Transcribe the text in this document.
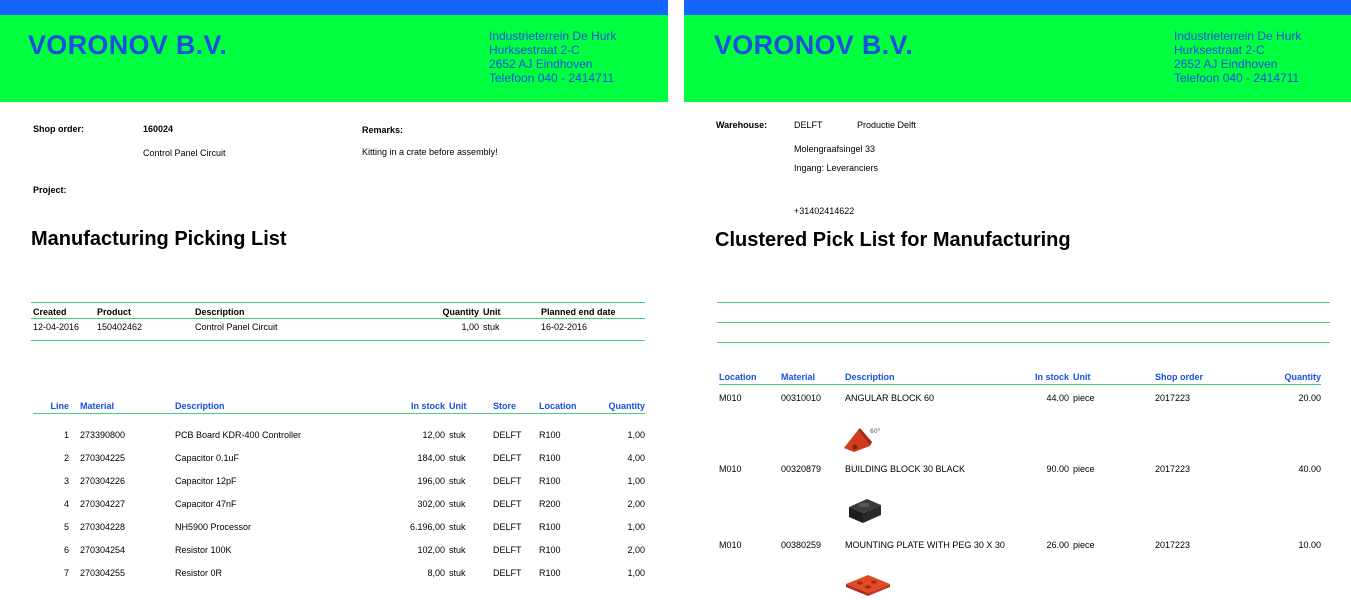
VORONOV B.V.	Industrieterrein De Hurk
Hurksestraat 2-C
2652 AJ Eindhoven
Telefoon 040 - 2414711
Shop order:	160024
Control Panel Circuit
Remarks:
Kitting in a crate before assembly!
Project:
Manufacturing Picking List
Created	Product	Description	Quantity	Unit	Planned end date
12-04-2016	150402462	Control Panel Circuit	1,00	stuk	16-02-2016
Line	Material	Description	In stock	Unit	Store	Location	Quantity

1	273390800	PCB Board KDR-400 Controller	12,00	stuk	DELFT	R100	1,00
2	270304225	Capacitor 0.1uF	184,00	stuk	DELFT	R100	4,00
3	270304226	Capacitor 12pF	196,00	stuk	DELFT	R100	1,00
4	270304227	Capacitor 47nF	302,00	stuk	DELFT	R200	2,00
5	270304228	NH5900 Processor	6.196,00	stuk	DELFT	R100	1,00
6	270304254	Resistor 100K	102,00	stuk	DELFT	R100	2,00
7	270304255	Resistor 0R	8,00	stuk	DELFT	R100	1,00
VORONOV B.V.	Industrieterrein De Hurk
Hurksestraat 2-C
2652 AJ Eindhoven
Telefoon 040 - 2414711
Warehouse:	DELFT	Productie Delft
Molengraafsingel 33
Ingang: Leveranciers
+31402414622
Clustered Pick List for Manufacturing
Location	Material	Description	In stock	Unit	Shop order	Quantity

M010	00310010	ANGULAR BLOCK 60	44.00	piece	2017223	20.00

M010	00320879	BUILDING BLOCK 30 BLACK	90.00	piece	2017223	40.00

M010	00380259	MOUNTING PLATE WITH PEG 30 X 30	26.00	piece	2017223	10.00
60°
